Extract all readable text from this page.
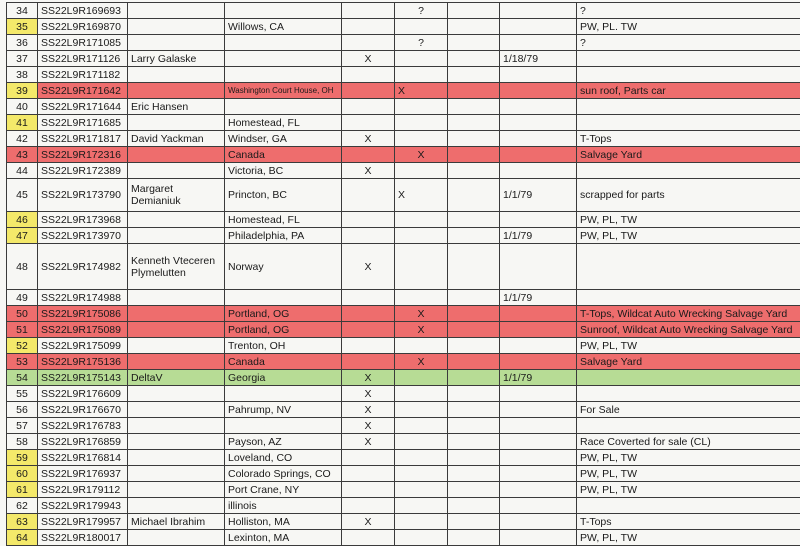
34	SS22L9R169693				?			?
35	SS22L9R169870		Willows, CA					PW, PL. TW
36	SS22L9R171085				?			?
37	SS22L9R171126	Larry Galaske		X			1/18/79	
38	SS22L9R171182							
39	SS22L9R171642		Washington Court House, OH		X			sun roof, Parts car
40	SS22L9R171644	Eric Hansen						
41	SS22L9R171685		Homestead, FL					
42	SS22L9R171817	David Yackman	Windser, GA	X				T-Tops
43	SS22L9R172316		Canada		X			Salvage Yard
44	SS22L9R172389		Victoria, BC	X				
45	SS22L9R173790	Margaret Demianiuk	Princton, BC		X		1/1/79	scrapped for parts
46	SS22L9R173968		Homestead, FL					PW, PL, TW
47	SS22L9R173970		Philadelphia, PA				1/1/79	PW, PL, TW
48	SS22L9R174982	Kenneth Vteceren Plymelutten	Norway	X				
49	SS22L9R174988						1/1/79	
50	SS22L9R175086		Portland, OG		X			T-Tops, Wildcat Auto Wrecking Salvage Yard
51	SS22L9R175089		Portland, OG		X			Sunroof, Wildcat Auto Wrecking Salvage Yard
52	SS22L9R175099		Trenton, OH					PW, PL, TW
53	SS22L9R175136		Canada		X			Salvage Yard
54	SS22L9R175143	DeltaV	Georgia	X			1/1/79	
55	SS22L9R176609			X				
56	SS22L9R176670		Pahrump, NV	X				For Sale
57	SS22L9R176783			X				
58	SS22L9R176859		Payson, AZ	X				Race Coverted for sale (CL)
59	SS22L9R176814		Loveland, CO					PW, PL, TW
60	SS22L9R176937		Colorado Springs, CO					PW, PL, TW
61	SS22L9R179112		Port Crane, NY					PW, PL, TW
62	SS22L9R179943		illinois					
63	SS22L9R179957	Michael Ibrahim	Holliston, MA	X				T-Tops
64	SS22L9R180017		Lexinton, MA					PW, PL, TW
